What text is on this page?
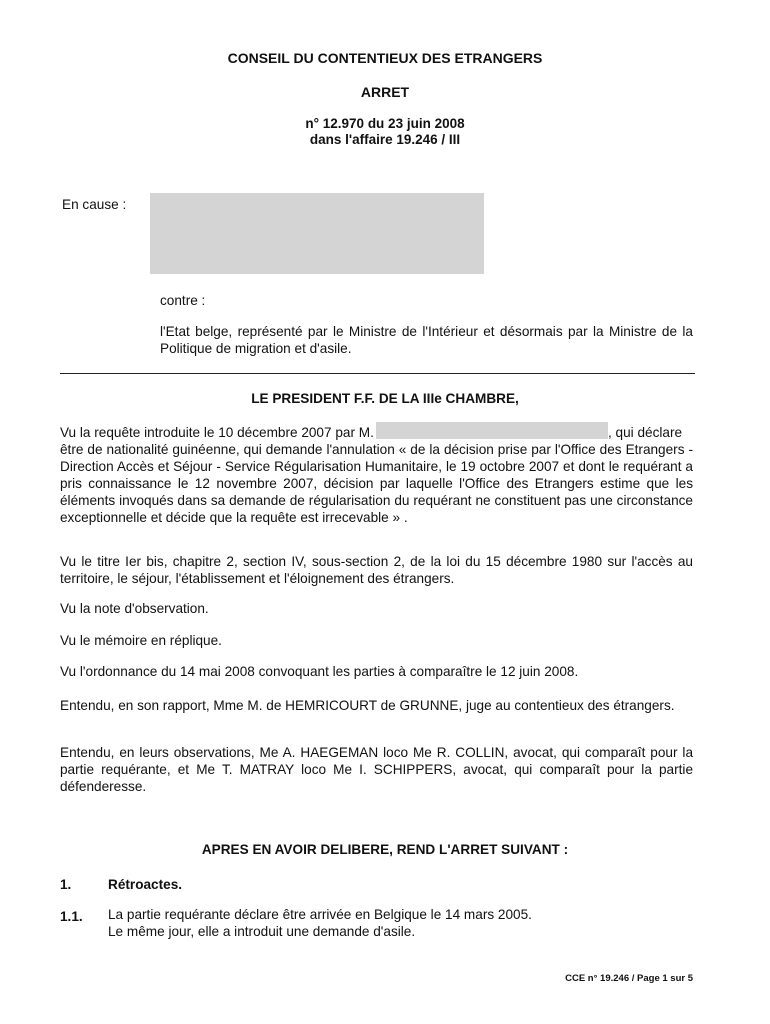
CONSEIL DU CONTENTIEUX DES ETRANGERS
ARRET
n° 12.970 du 23 juin 2008
dans l'affaire 19.246 / III
En cause :
contre :
l'Etat belge, représenté par le Ministre de l'Intérieur et désormais par la Ministre de la Politique de migration et d'asile.
LE PRESIDENT F.F. DE LA IIIe CHAMBRE,
Vu la requête introduite le 10 décembre 2007 par M.	, qui déclare
être de nationalité guinéenne, qui demande l'annulation « de la décision prise par l'Office des Etrangers - Direction Accès et Séjour - Service Régularisation Humanitaire, le 19 octobre 2007 et dont le requérant a pris connaissance le 12 novembre 2007, décision par laquelle l'Office des Etrangers estime que les éléments invoqués dans sa demande de régularisation du requérant ne constituent pas une circonstance exceptionnelle et décide que la requête est irrecevable » .
Vu le titre Ier bis, chapitre 2, section IV, sous-section 2, de la loi du 15 décembre 1980 sur l'accès au territoire, le séjour, l'établissement et l'éloignement des étrangers.
Vu la note d'observation.
Vu le mémoire en réplique.
Vu l'ordonnance du 14 mai 2008 convoquant les parties à comparaître le 12 juin 2008.
Entendu, en son rapport, Mme M. de HEMRICOURT de GRUNNE, juge au contentieux des étrangers.
Entendu, en leurs observations, Me A. HAEGEMAN loco Me R. COLLIN, avocat, qui comparaît pour la partie requérante, et Me T. MATRAY loco Me I. SCHIPPERS, avocat, qui comparaît pour la partie défenderesse.
APRES EN AVOIR DELIBERE, REND L'ARRET SUIVANT :
1.	Rétroactes.
1.1. La partie requérante déclare être arrivée en Belgique le 14 mars 2005.
Le même jour, elle a introduit une demande d'asile.
CCE n° 19.246 / Page 1 sur 5
